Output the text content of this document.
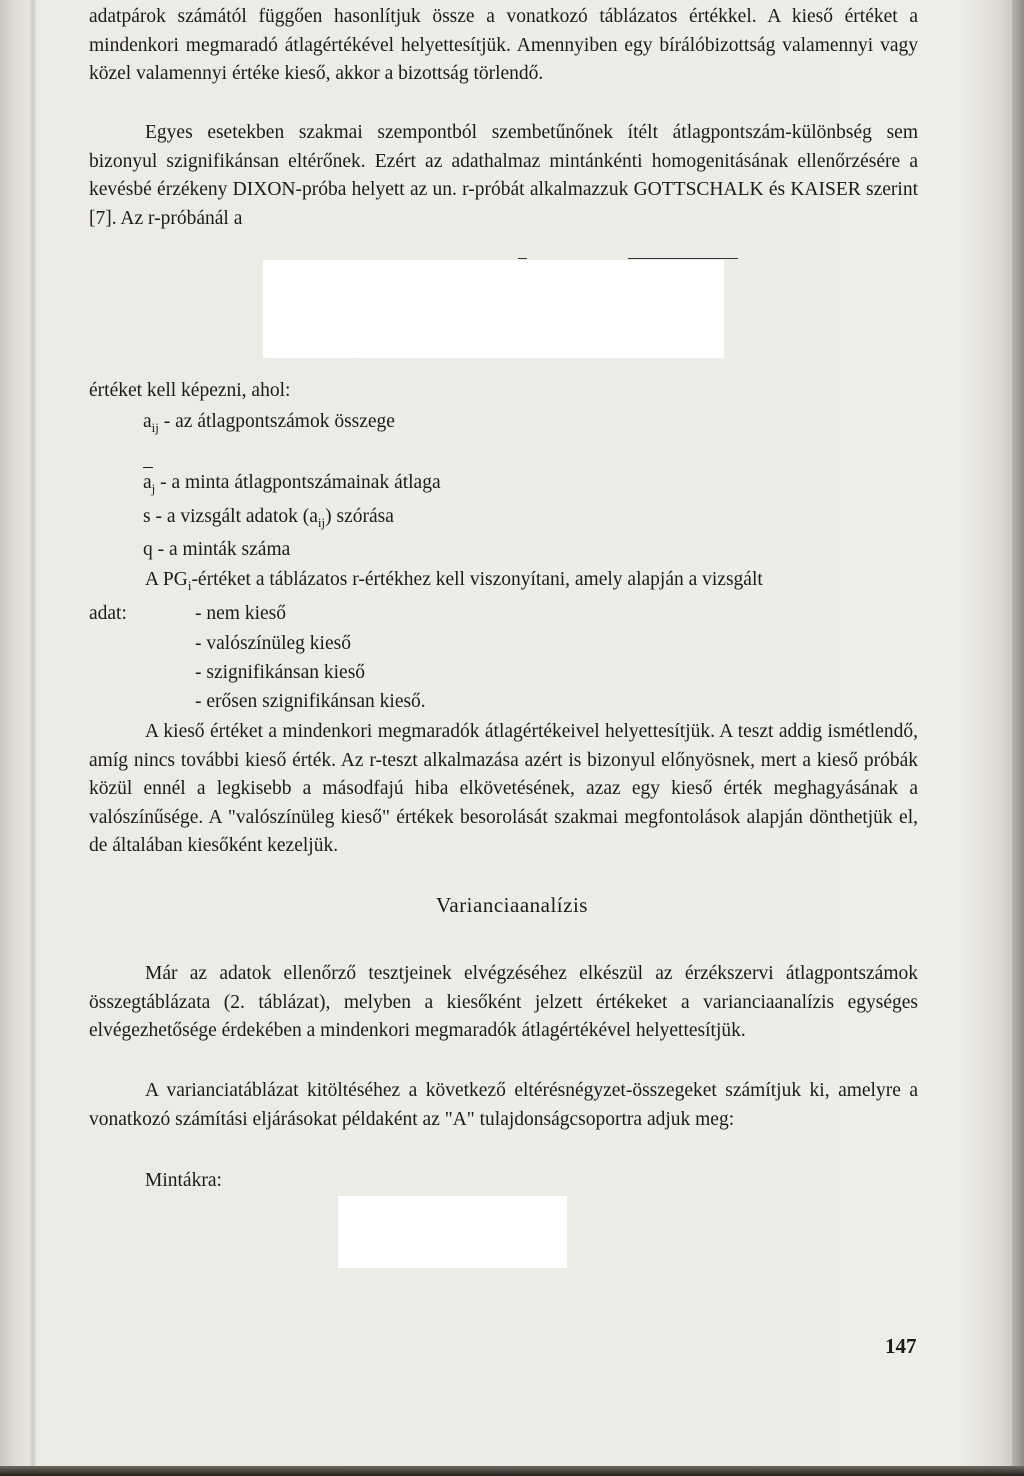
adatpárok számától függően hasonlítjuk össze a vonatkozó táblázatos értékkel. A kieső értéket a mindenkori megmaradó átlagértékével helyettesítjük. Amennyiben egy bírálóbizottság valamennyi vagy közel valamennyi értéke kieső, akkor a bizottság törlendő.

Egyes esetekben szakmai szempontból szembetűnőnek ítélt átlagpontszám-különbség sem bizonyul szignifikánsan eltérőnek. Ezért az adathalmaz mintánkénti homogenitásának ellenőrzésére a kevésbé érzékeny DIXON-próba helyett az un. r-próbát alkalmazzuk GOTTSCHALK és KAISER szerint [7]. Az r-próbánál a

értéket kell képezni, ahol:
$a_{ij}$ - az átlagpontszámok összege
$a_j$ - a minta átlagpontszámainak átlaga
s - a vizsgált adatok $(a_{ij})$ szórása
q - a minták száma
A $PG_i$-értéket a táblázatos r-értékhez kell viszonyítani, amely alapján a vizsgált
adat:	- nem kieső
- valószínüleg kieső
- szignifikánsan kieső
- erősen szignifikánsan kieső.

A kieső értéket a mindenkori megmaradók átlagértékeivel helyettesítjük. A teszt addig ismétlendő, amíg nincs további kieső érték. Az r-teszt alkalmazása azért is bizonyul előnyösnek, mert a kieső próbák közül ennél a legkisebb a másodfajú hiba elkövetésének, azaz egy kieső érték meghagyásának a valószínűsége. A "valószínüleg kieső" értékek besorolását szakmai megfontolások alapján dönthetjük el, de általában kiesőként kezeljük.

Varianciaanalízis

Már az adatok ellenőrző tesztjeinek elvégzéséhez elkészül az érzékszervi átlagpontszámok összegtáblázata (2. táblázat), melyben a kiesőként jelzett értékeket a varianciaanalízis egységes elvégezhetősége érdekében a mindenkori megmaradók átlagértékével helyettesítjük.

A varianciatáblázat kitöltéséhez a következő eltérésnégyzet-összegeket számítjuk ki, amelyre a vonatkozó számítási eljárásokat példaként az "A" tulajdonságcsoportra adjuk meg:

Mintákra:
147
